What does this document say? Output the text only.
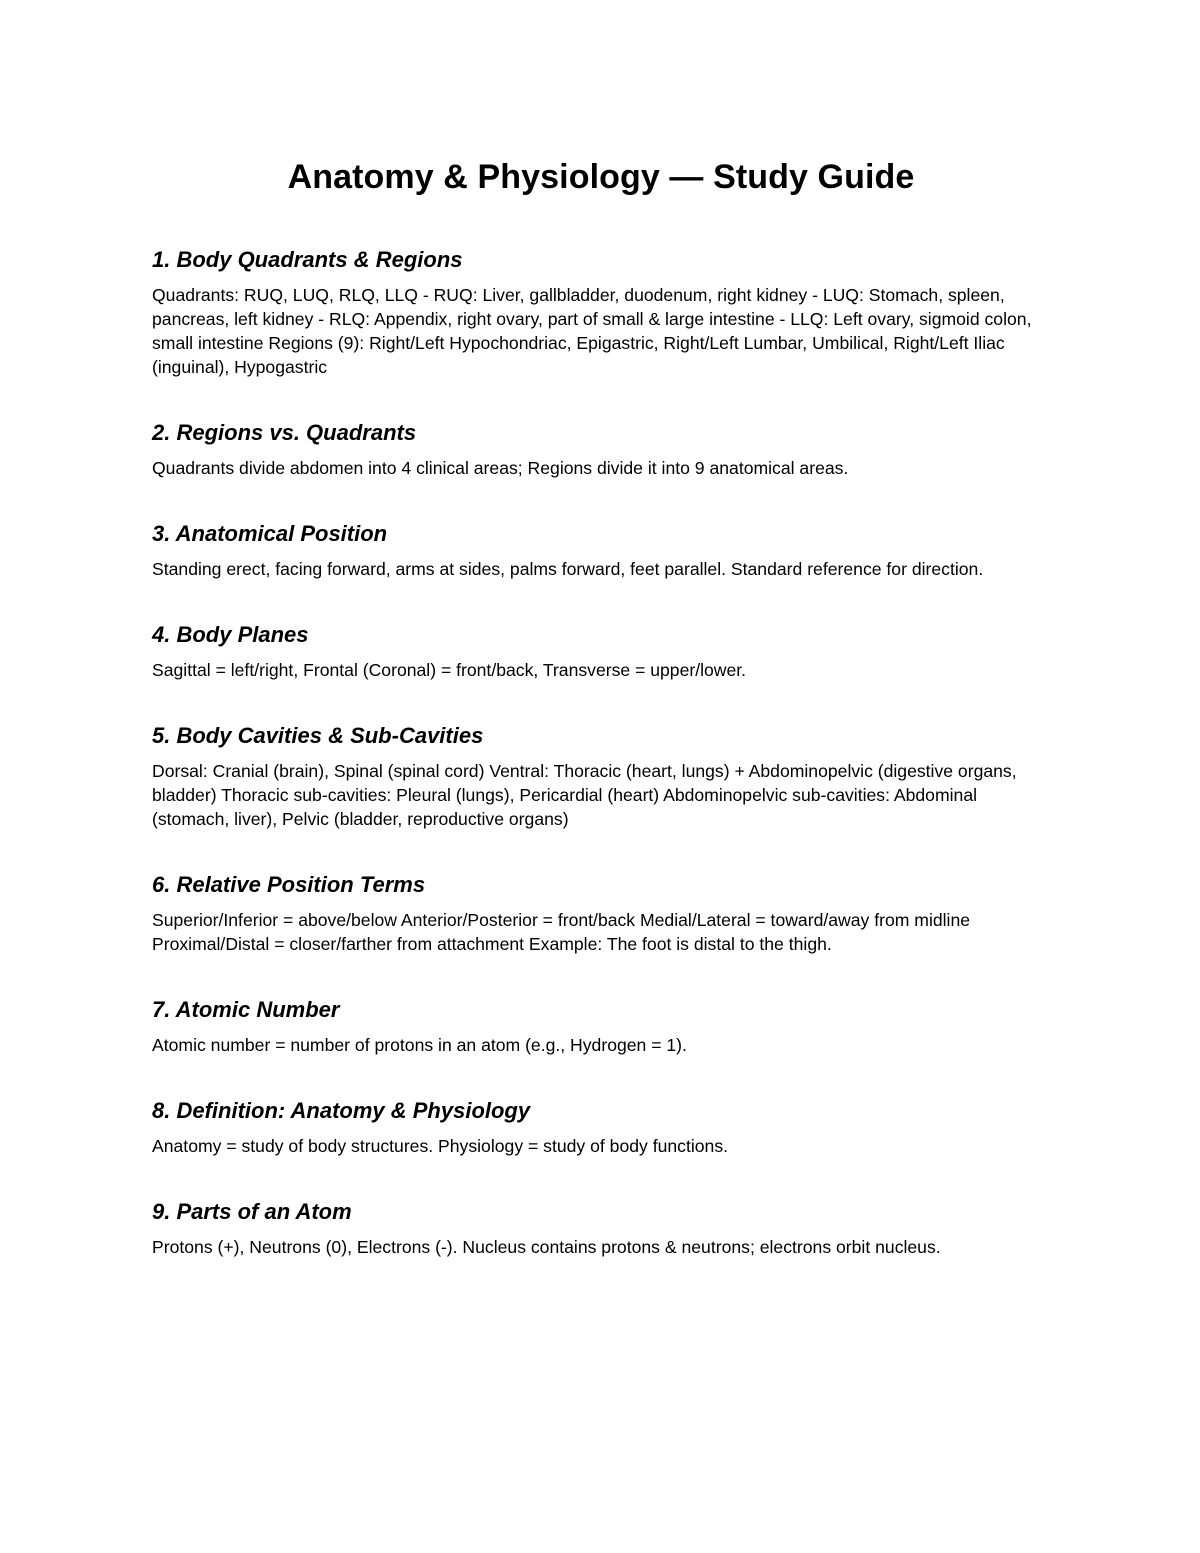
Anatomy & Physiology — Study Guide
1. Body Quadrants & Regions

Quadrants: RUQ, LUQ, RLQ, LLQ - RUQ: Liver, gallbladder, duodenum, right kidney - LUQ: Stomach, spleen, pancreas, left kidney - RLQ: Appendix, right ovary, part of small & large intestine - LLQ: Left ovary, sigmoid colon, small intestine Regions (9): Right/Left Hypochondriac, Epigastric, Right/Left Lumbar, Umbilical, Right/Left Iliac (inguinal), Hypogastric

2. Regions vs. Quadrants

Quadrants divide abdomen into 4 clinical areas; Regions divide it into 9 anatomical areas.

3. Anatomical Position

Standing erect, facing forward, arms at sides, palms forward, feet parallel. Standard reference for direction.

4. Body Planes

Sagittal = left/right, Frontal (Coronal) = front/back, Transverse = upper/lower.

5. Body Cavities & Sub-Cavities

Dorsal: Cranial (brain), Spinal (spinal cord) Ventral: Thoracic (heart, lungs) + Abdominopelvic (digestive organs, bladder) Thoracic sub-cavities: Pleural (lungs), Pericardial (heart) Abdominopelvic sub-cavities: Abdominal (stomach, liver), Pelvic (bladder, reproductive organs)

6. Relative Position Terms

Superior/Inferior = above/below Anterior/Posterior = front/back Medial/Lateral = toward/away from midline Proximal/Distal = closer/farther from attachment Example: The foot is distal to the thigh.

7. Atomic Number

Atomic number = number of protons in an atom (e.g., Hydrogen = 1).

8. Definition: Anatomy & Physiology

Anatomy = study of body structures. Physiology = study of body functions.

9. Parts of an Atom

Protons (+), Neutrons (0), Electrons (-). Nucleus contains protons & neutrons; electrons orbit nucleus.
